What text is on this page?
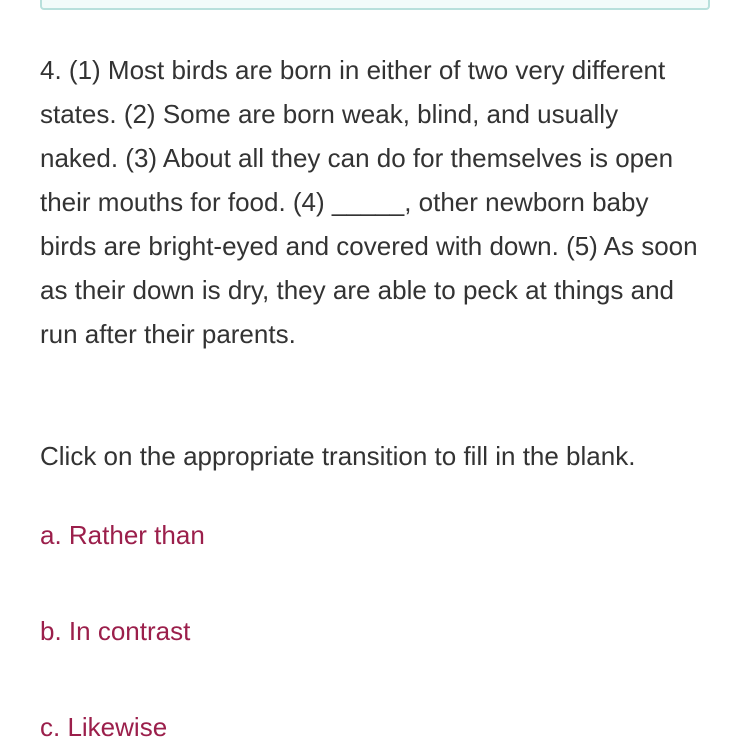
4. (1) Most birds are born in either of two very different states. (2) Some are born weak, blind, and usually naked. (3) About all they can do for themselves is open their mouths for food. (4) _____, other newborn baby birds are bright-eyed and covered with down. (5) As soon as their down is dry, they are able to peck at things and run after their parents.

Click on the appropriate transition to fill in the blank.

a. Rather than
b. In contrast
c. Likewise
